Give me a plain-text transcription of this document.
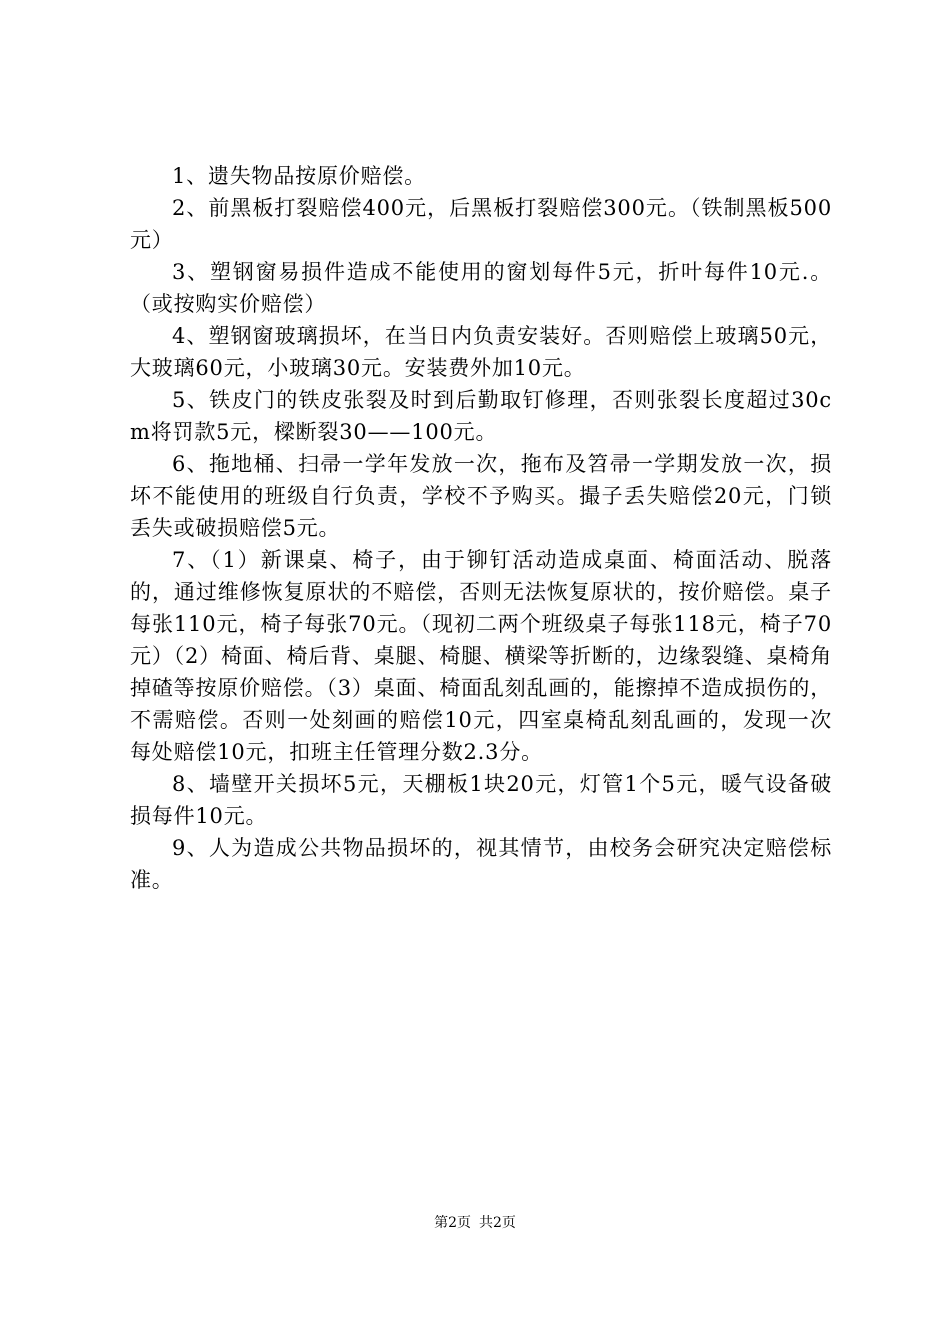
1、遗失物品按原价赔偿。

2、前黑板打裂赔偿400元，后黑板打裂赔偿300元。（铁制黑板500元）

3、塑钢窗易损件造成不能使用的窗划每件5元，折叶每件10元.。（或按购实价赔偿）

4、塑钢窗玻璃损坏，在当日内负责安装好。否则赔偿上玻璃50元，大玻璃60元，小玻璃30元。安装费外加10元。

5、铁皮门的铁皮张裂及时到后勤取钉修理，否则张裂长度超过30cm将罚款5元，樑断裂30——100元。

6、拖地桶、扫帚一学年发放一次，拖布及笤帚一学期发放一次，损坏不能使用的班级自行负责，学校不予购买。撮子丢失赔偿20元，门锁丢失或破损赔偿5元。

7、（1）新课桌、椅子，由于铆钉活动造成桌面、椅面活动、脱落的，通过维修恢复原状的不赔偿，否则无法恢复原状的，按价赔偿。桌子每张110元，椅子每张70元。（现初二两个班级桌子每张118元，椅子70元）（2）椅面、椅后背、桌腿、椅腿、横梁等折断的，边缘裂缝、桌椅角掉碴等按原价赔偿。（3）桌面、椅面乱刻乱画的，能擦掉不造成损伤的，不需赔偿。否则一处刻画的赔偿10元，四室桌椅乱刻乱画的，发现一次每处赔偿10元，扣班主任管理分数2.3分。

8、墙壁开关损坏5元，天棚板1块20元，灯管1个5元，暖气设备破损每件10元。

9、人为造成公共物品损坏的，视其情节，由校务会研究决定赔偿标准。

第2页 共2页
